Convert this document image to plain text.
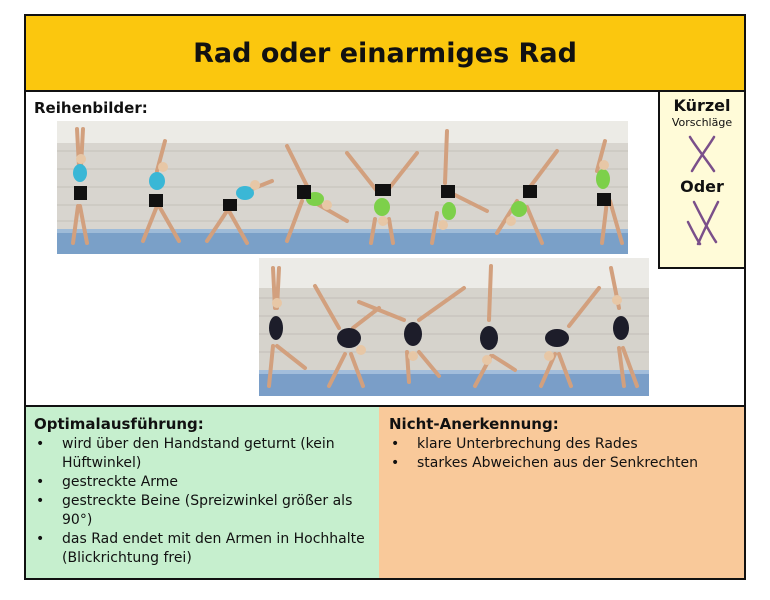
Rad oder einarmiges Rad
Reihenbilder:	Kürzel
Vorschläge
Oder
Optimalausführung:
• wird über den Handstand geturnt (kein Hüftwinkel)
• gestreckte Arme
• gestreckte Beine (Spreizwinkel größer als 90°)
• das Rad endet mit den Armen in Hochhalte (Blickrichtung frei)
Nicht-Anerkennung:
• klare Unterbrechung des Rades
• starkes Abweichen aus der Senkrechten
